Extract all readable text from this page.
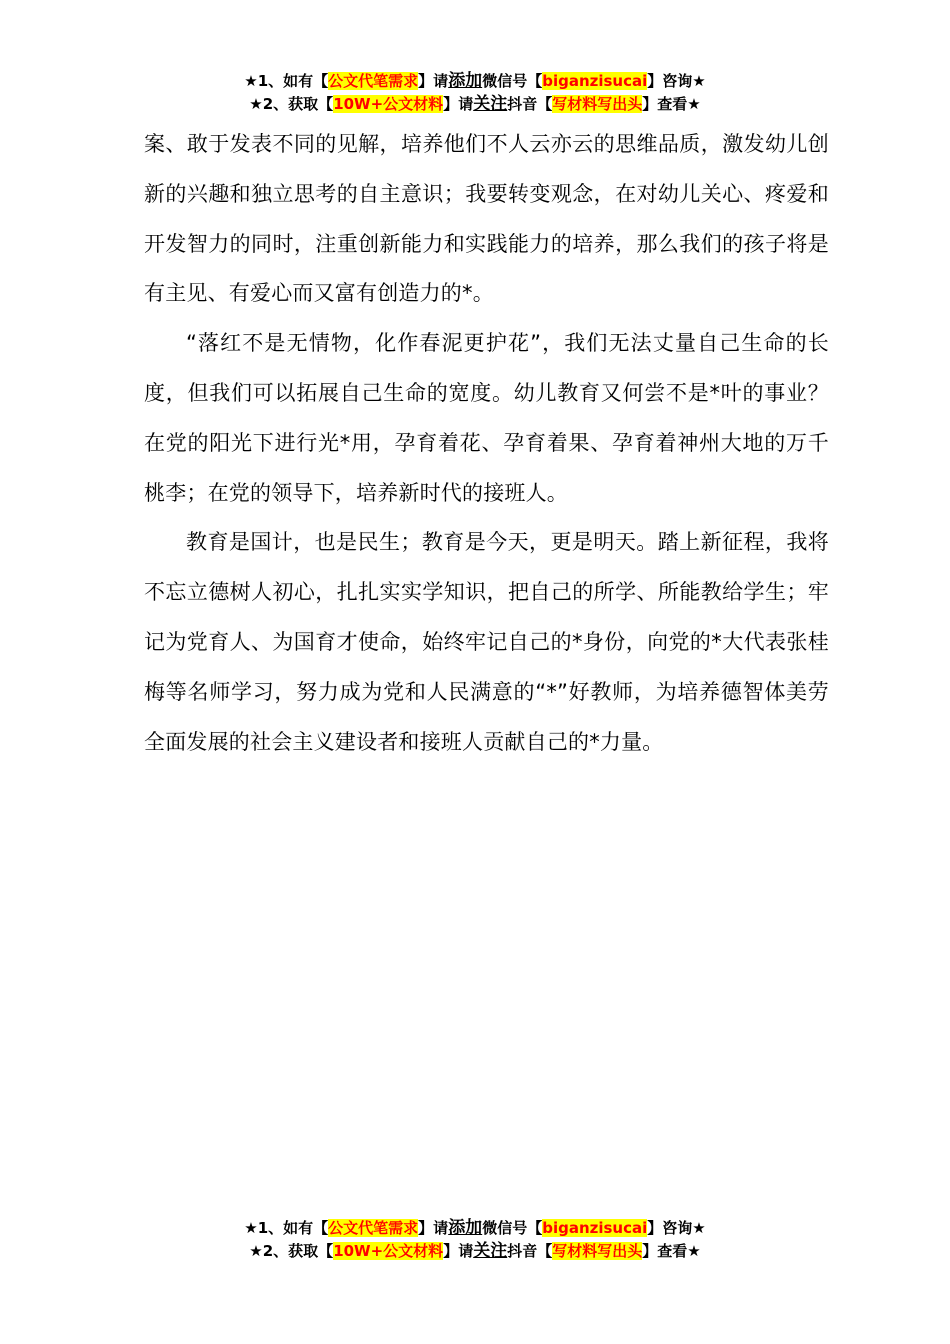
★1、如有【公文代笔需求】请添加微信号【biganzisucai】咨询★
★2、获取【10W+公文材料】请关注抖音【写材料写出头】查看★

案、敢于发表不同的见解，培养他们不人云亦云的思维品质，激发幼儿创新的兴趣和独立思考的自主意识；我要转变观念，在对幼儿关心、疼爱和开发智力的同时，注重创新能力和实践能力的培养，那么我们的孩子将是有主见、有爱心而又富有创造力的*。

“落红不是无情物，化作春泥更护花”，我们无法丈量自己生命的长度，但我们可以拓展自己生命的宽度。幼儿教育又何尝不是*叶的事业？在党的阳光下进行光*用，孕育着花、孕育着果、孕育着神州大地的万千桃李；在党的领导下，培养新时代的接班人。

教育是国计，也是民生；教育是今天，更是明天。踏上新征程，我将不忘立德树人初心，扎扎实实学知识，把自己的所学、所能教给学生；牢记为党育人、为国育才使命，始终牢记自己的*身份，向党的*大代表张桂梅等名师学习，努力成为党和人民满意的“*”好教师，为培养德智体美劳全面发展的社会主义建设者和接班人贡献自己的*力量。

★1、如有【公文代笔需求】请添加微信号【biganzisucai】咨询★
★2、获取【10W+公文材料】请关注抖音【写材料写出头】查看★
